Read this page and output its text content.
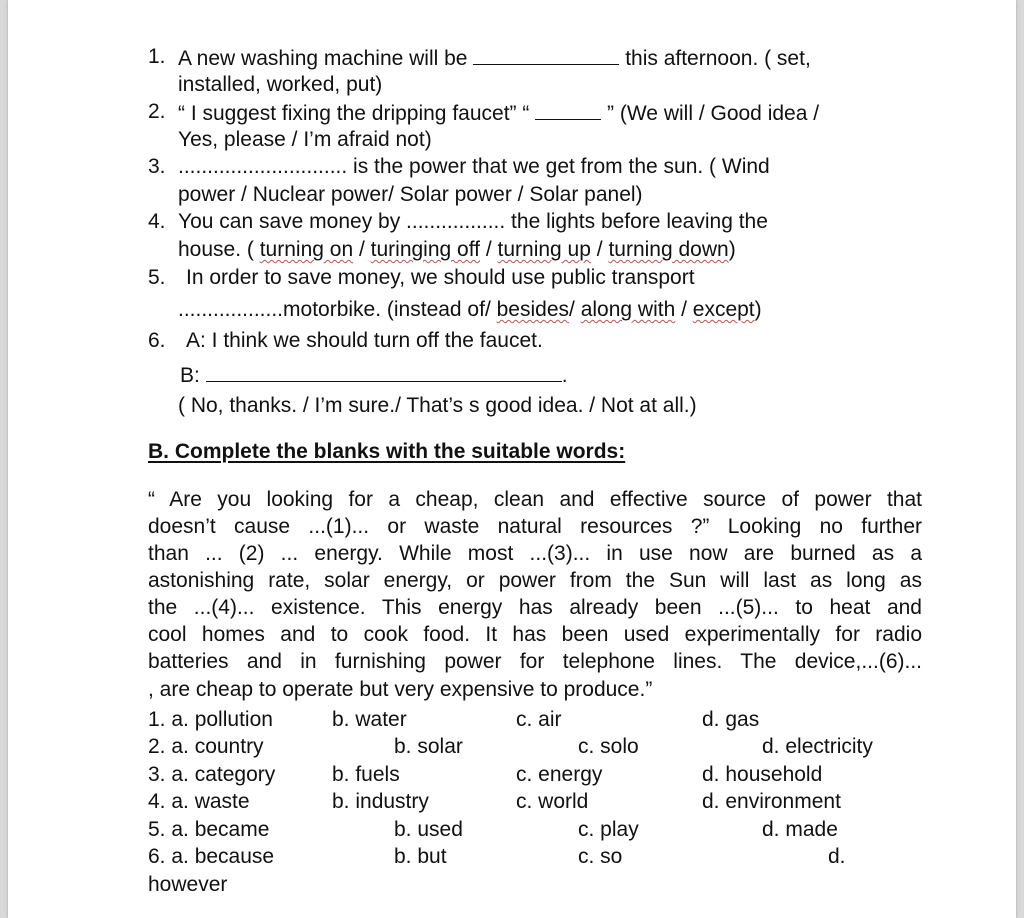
1. A new washing machine will be	this afternoon. ( set,
installed, worked, put)
2. “ I suggest fixing the dripping faucet” “	” (We will / Good idea /
Yes, please / I’m afraid not)
3. ............................. is the power that we get from the sun. ( Wind
power / Nuclear power/ Solar power / Solar panel)
4. You can save money by ................. the lights before leaving the
house. ( turning on / turinging off / turning up / turning down)
5. In order to save money, we should use public transport
..................motorbike. (instead of/ besides/ along with / except)
6. A: I think we should turn off the faucet.
B:	.
( No, thanks. / I’m sure./ That’s s good idea. / Not at all.)
B. Complete the blanks with the suitable words:
“ Are you looking for a cheap, clean and effective source of power that
doesn’t cause ...(1)... or waste natural resources ?” Looking no further
than ... (2) ... energy. While most ...(3)... in use now are burned as a
astonishing rate, solar energy, or power from the Sun will last as long as
the ...(4)... existence. This energy has already been ...(5)... to heat and
cool homes and to cook food. It has been used experimentally for radio
batteries and in furnishing power for telephone lines. The device,...(6)...
, are cheap to operate but very expensive to produce.”
1. a. pollution	b. water	c. air	d. gas
2. a. country	b. solar	c. solo	d. electricity
3. a. category	b. fuels	c. energy	d. household
4. a. waste	b. industry	c. world	d. environment
5. a. became	b. used	c. play	d. made
6. a. because	b. but	c. so	d.
however
